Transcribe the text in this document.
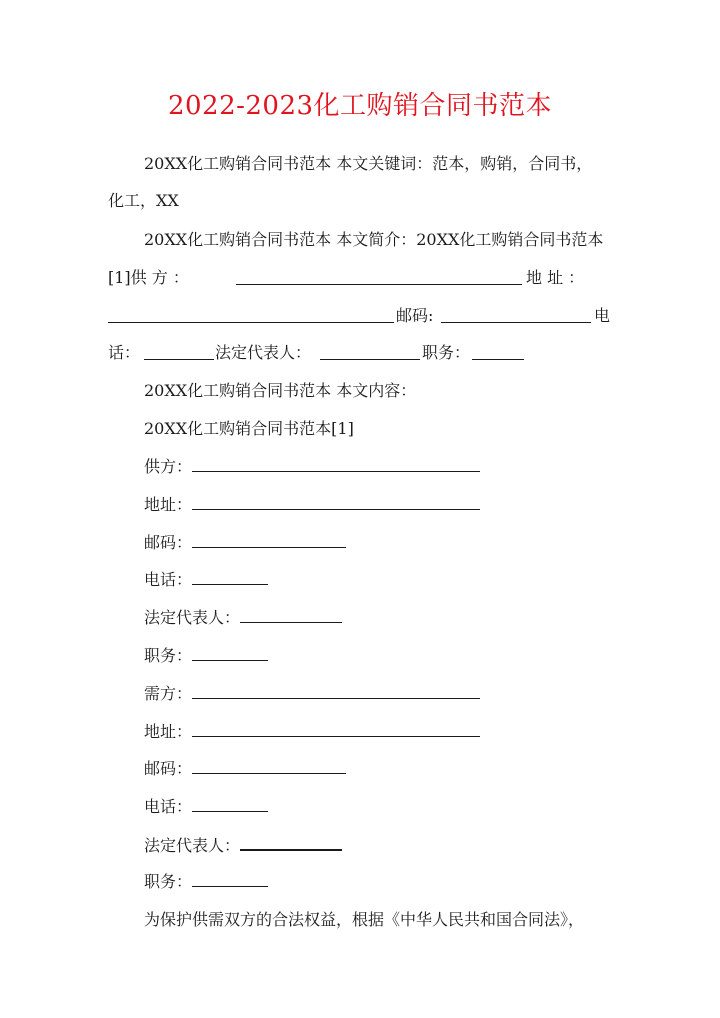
2022-2023化工购销合同书范本
20XX化工购销合同书范本 本文关键词：范本，购销，合同书，
化工，XX
20XX化工购销合同书范本 本文简介：20XX化工购销合同书范本
[1]供 方 ：	地 址 ：
邮码:	电
话：	法定代表人：	职务：
20XX化工购销合同书范本 本文内容：
20XX化工购销合同书范本[1]
供方：
地址：
邮码：
电话：
法定代表人：
职务：
需方：
地址：
邮码：
电话：
法定代表人：
职务：
为保护供需双方的合法权益，根据《中华人民共和国合同法》，
